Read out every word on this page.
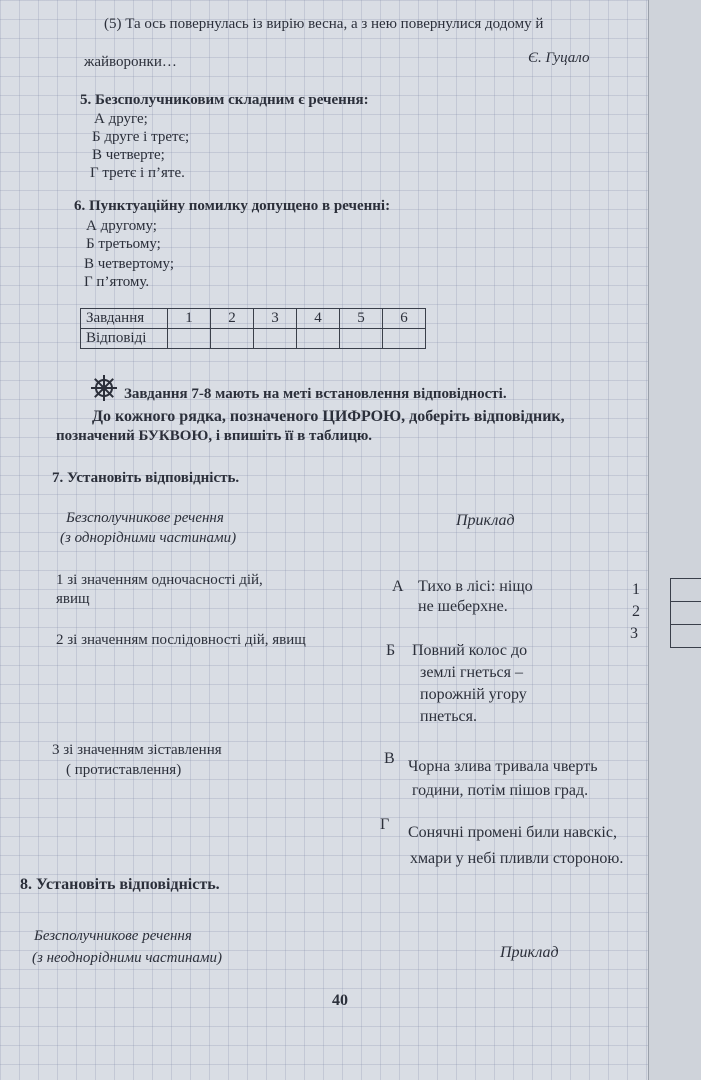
(5) Та ось повернулась із вирію весна, а з нею повернулися додому й
жайворонки…	Є. Гуцало
5. Безсполучниковим складним є речення:
А друге;
Б друге і третє;
В четверте;
Г третє і п’яте.
6. Пунктуаційну помилку допущено в реченні:
А другому;
Б третьому;
В четвертому;
Г п’ятому.
Завдання	1	2	3	4	5	6
Відповіді						
Завдання 7-8 мають на меті встановлення відповідності.
До кожного рядка, позначеного ЦИФРОЮ, доберіть відповідник,
позначений БУКВОЮ, і впишіть її в таблицю.
7. Установіть відповідність.
Безсполучникове речення
(з однорідними частинами)
Приклад
1 зі значенням одночасності дій,
явищ
2 зі значенням послідовності дій, явищ
3 зі значенням зіставлення
( протиставлення)
А Тихо в лісі: ніщо
не шеберхне.
Б Повний колос до
землі гнеться –
порожній угору
пнеться.
В Чорна злива тривала чверть
години, потім пішов град.
Г Сонячні промені били навскіс,
хмари у небі пливли стороною.
1
2
3
8. Установіть відповідність.
Безсполучникове речення
(з неоднорідними частинами)	Приклад
40
